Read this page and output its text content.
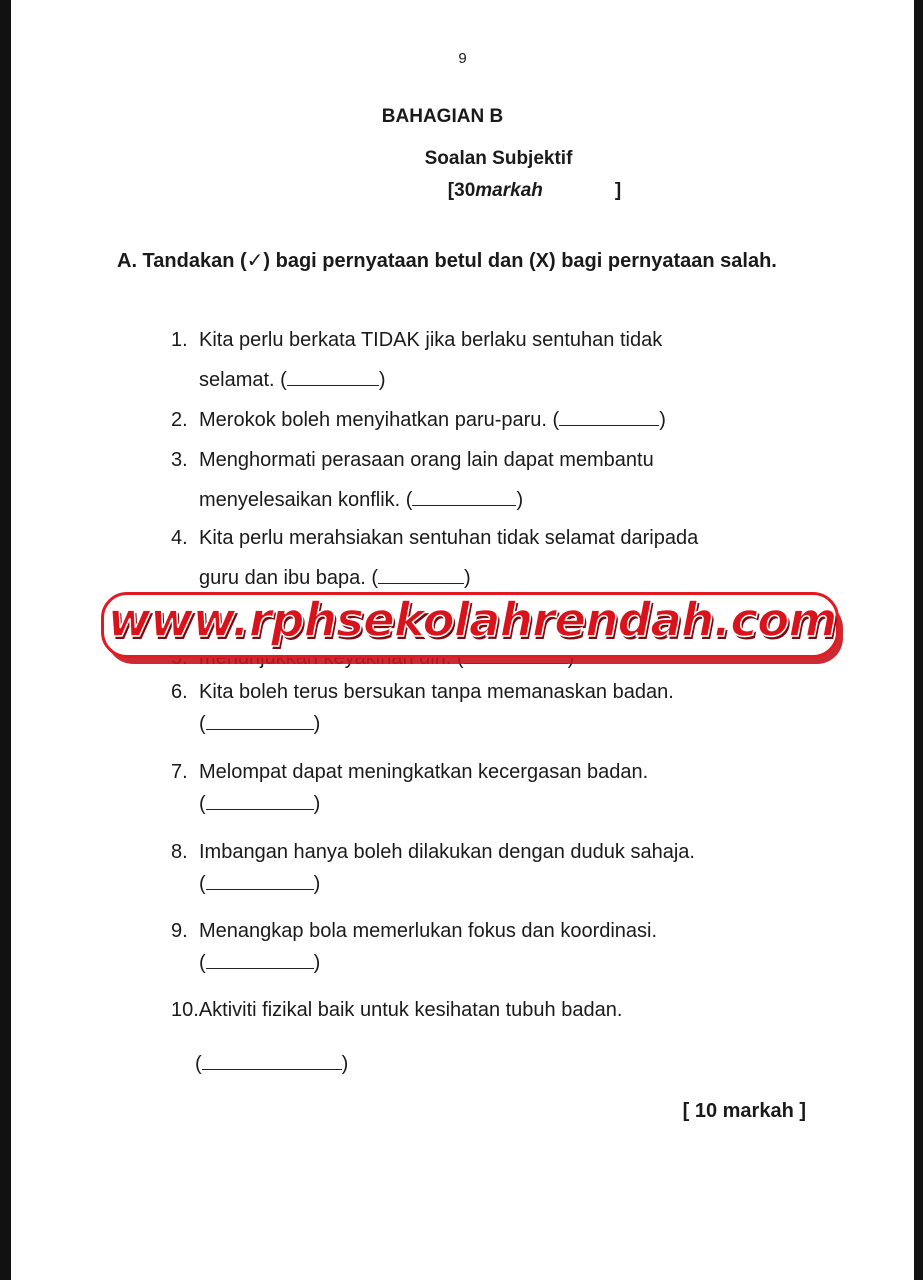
9
BAHAGIAN B
Soalan Subjektif
[30markah	]
A. Tandakan (✓) bagi pernyataan betul dan (X) bagi pernyataan salah.
1. Kita perlu berkata TIDAK jika berlaku sentuhan tidak
selamat. (	)
2. Merokok boleh menyihatkan paru-paru. (	)
3. Menghormati perasaan orang lain dapat membantu
menyelesaikan konflik. (	)
4. Kita perlu merahsiakan sentuhan tidak selamat daripada
guru dan ibu bapa. (	)
6. Kita boleh terus bersukan tanpa memanaskan badan.
(	)
7. Melompat dapat meningkatkan kecergasan badan.
(	)
8. Imbangan hanya boleh dilakukan dengan duduk sahaja.
(	)
9. Menangkap bola memerlukan fokus dan koordinasi.
(	)
10.Aktiviti fizikal baik untuk kesihatan tubuh badan.
(	)
[ 10 markah ]
www.rphsekolahrendah.com
